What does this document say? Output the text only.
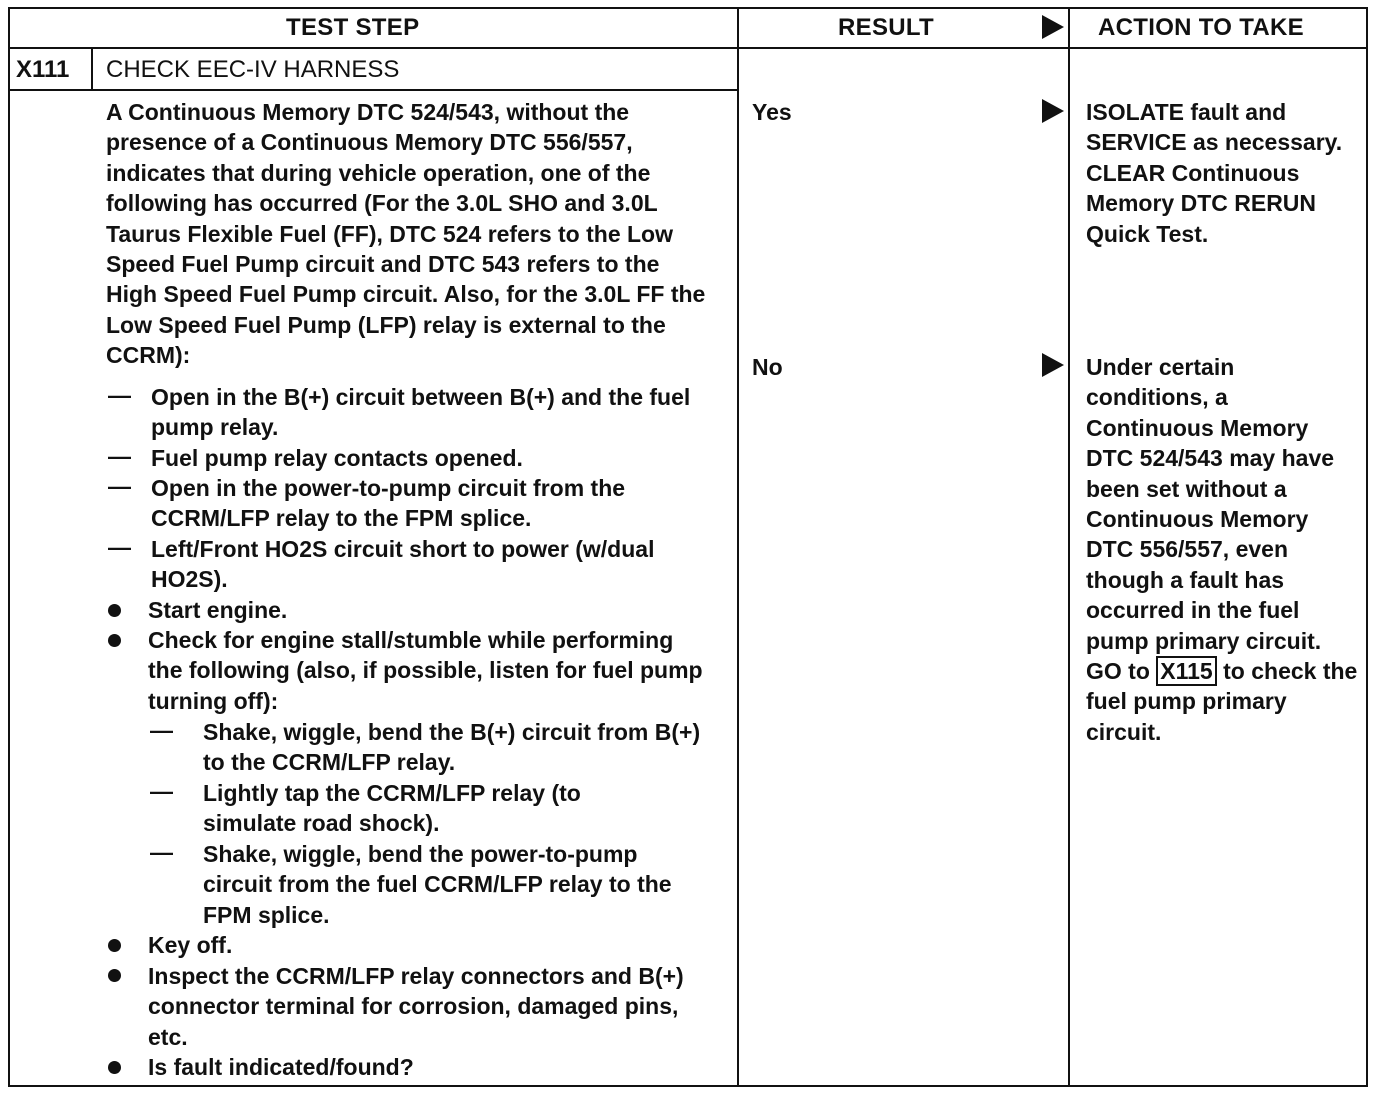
TEST STEP	RESULT	ACTION TO TAKE
X111 CHECK EEC-IV HARNESS
A Continuous Memory DTC 524/543, without the presence of a Continuous Memory DTC 556/557, indicates that during vehicle operation, one of the following has occurred (For the 3.0L SHO and 3.0L Taurus Flexible Fuel (FF), DTC 524 refers to the Low Speed Fuel Pump circuit and DTC 543 refers to the High Speed Fuel Pump circuit. Also, for the 3.0L FF the Low Speed Fuel Pump (LFP) relay is external to the CCRM):
— Open in the B(+) circuit between B(+) and the fuel pump relay.
— Fuel pump relay contacts opened.
— Open in the power-to-pump circuit from the CCRM/LFP relay to the FPM splice.
— Left/Front HO2S circuit short to power (w/dual HO2S).
Start engine.
Check for engine stall/stumble while performing the following (also, if possible, listen for fuel pump turning off):
— Shake, wiggle, bend the B(+) circuit from B(+) to the CCRM/LFP relay.
— Lightly tap the CCRM/LFP relay (to simulate road shock).
— Shake, wiggle, bend the power-to-pump circuit from the fuel CCRM/LFP relay to the FPM splice.
Key off.
Inspect the CCRM/LFP relay connectors and B(+) connector terminal for corrosion, damaged pins, etc.
Is fault indicated/found?
Yes	ISOLATE fault and SERVICE as necessary. CLEAR Continuous Memory DTC RERUN Quick Test.
No	Under certain conditions, a Continuous Memory DTC 524/543 may have been set without a Continuous Memory DTC 556/557, even though a fault has occurred in the fuel pump primary circuit. GO to X115 to check the fuel pump primary circuit.
